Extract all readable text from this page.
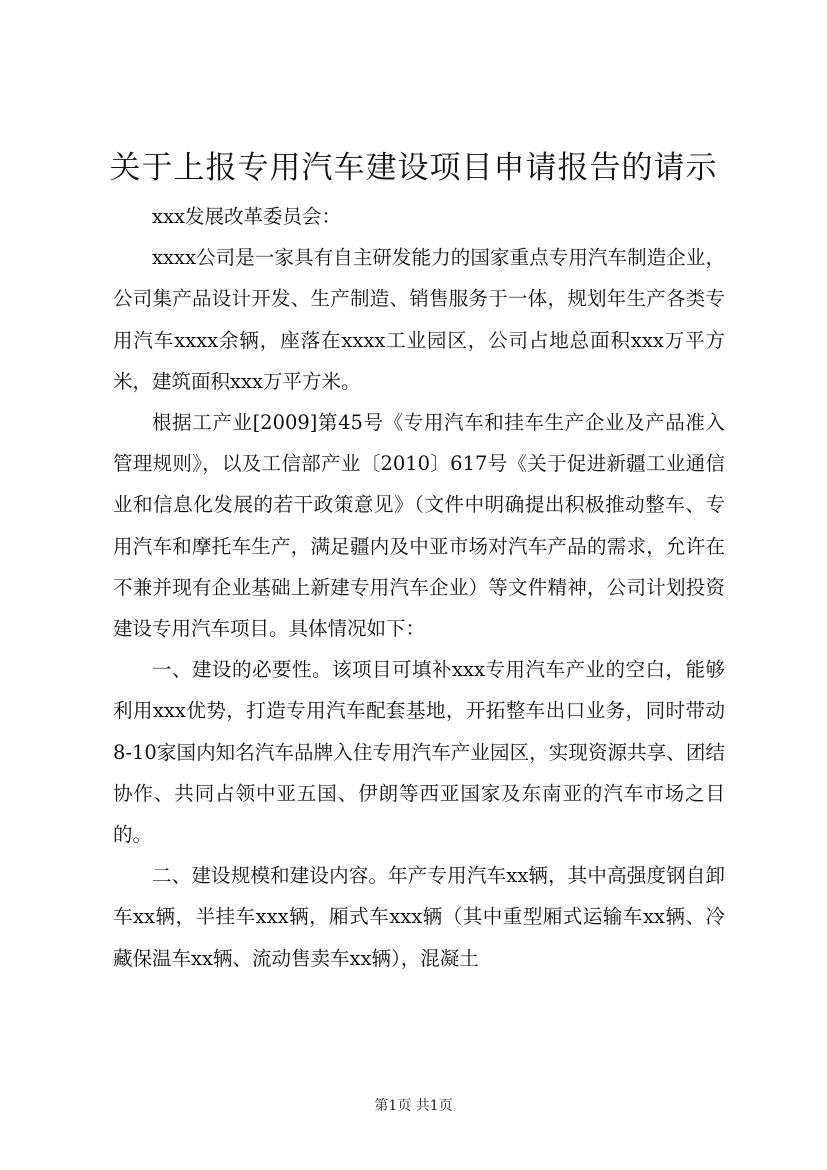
关于上报专用汽车建设项目申请报告的请示

xxx发展改革委员会：

xxxx公司是一家具有自主研发能力的国家重点专用汽车制造企业，公司集产品设计开发、生产制造、销售服务于一体，规划年生产各类专用汽车xxxx余辆，座落在xxxx工业园区，公司占地总面积xxx万平方米，建筑面积xxx万平方米。

根据工产业[2009]第45号《专用汽车和挂车生产企业及产品准入管理规则》，以及工信部产业〔2010〕617号《关于促进新疆工业通信业和信息化发展的若干政策意见》（文件中明确提出积极推动整车、专用汽车和摩托车生产，满足疆内及中亚市场对汽车产品的需求，允许在不兼并现有企业基础上新建专用汽车企业）等文件精神，公司计划投资建设专用汽车项目。具体情况如下：

一、建设的必要性。该项目可填补xxx专用汽车产业的空白，能够利用xxx优势，打造专用汽车配套基地，开拓整车出口业务，同时带动8-10家国内知名汽车品牌入住专用汽车产业园区，实现资源共享、团结协作、共同占领中亚五国、伊朗等西亚国家及东南亚的汽车市场之目的。

二、建设规模和建设内容。年产专用汽车xx辆，其中高强度钢自卸车xx辆，半挂车xxx辆，厢式车xxx辆（其中重型厢式运输车xx辆、冷藏保温车xx辆、流动售卖车xx辆），混凝土

第1页 共1页
